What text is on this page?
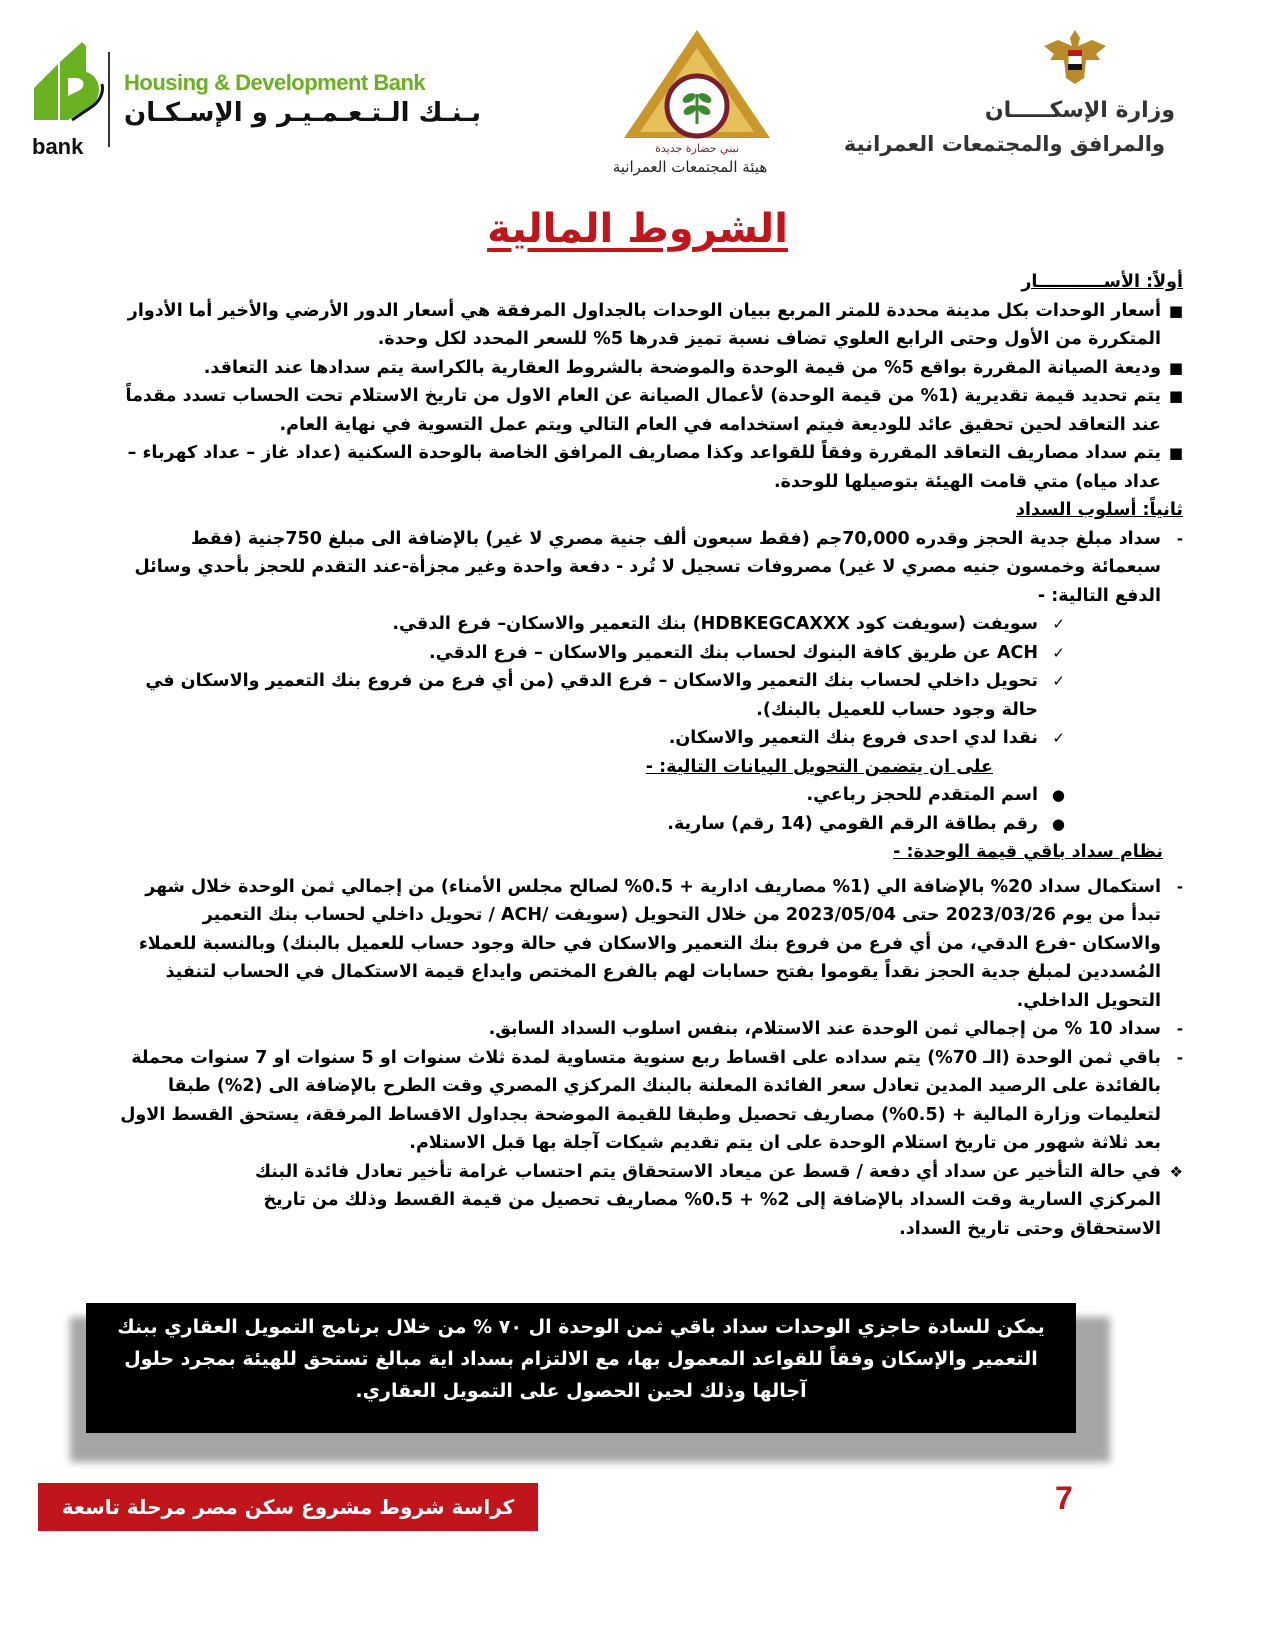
bank
Housing & Development Bank
بـنـك الـتـعـمـيـر و الإسـكـان
نبني حضارة جديدة
هيئة المجتمعات العمرانية
وزارة الإسكـــــان
والمرافق والمجتمعات العمرانية
الشروط المالية

أولاً: الأســـــــــــار

■
أسعار الوحدات بكل مدينة محددة للمتر المربع ببيان الوحدات بالجداول المرفقة هي أسعار الدور الأرضي والأخير أما الأدوار المتكررة من الأول وحتى الرابع العلوي تضاف نسبة تميز قدرها 5% للسعر المحدد لكل وحدة.

■
وديعة الصيانة المقررة بواقع 5% من قيمة الوحدة والموضحة بالشروط العقارية بالكراسة يتم سدادها عند التعاقد.

■
يتم تحديد قيمة تقديرية (1% من قيمة الوحدة) لأعمال الصيانة عن العام الاول من تاريخ الاستلام تحت الحساب تسدد مقدماً عند التعاقد لحين تحقيق عائد للوديعة فيتم استخدامه في العام التالي ويتم عمل التسوية في نهاية العام.

■
يتم سداد مصاريف التعاقد المقررة وفقاً للقواعد وكذا مصاريف المرافق الخاصة بالوحدة السكنية (عداد غاز – عداد كهرباء – عداد مياه) متي قامت الهيئة بتوصيلها للوحدة.

ثانياً: أسلوب السداد

-
سداد مبلغ جدية الحجز وقدره 70,000جم (فقط سبعون ألف جنية مصري لا غير) بالإضافة الى مبلغ 750جنية (فقط سبعمائة وخمسون جنيه مصري لا غير) مصروفات تسجيل لا تُرد - دفعة واحدة وغير مجزأة-عند التقدم للحجز بأحدي وسائل الدفع التالية: -

✓
سويفت (سويفت كود HDBKEGCAXXX) بنك التعمير والاسكان– فرع الدقي.

✓
ACH عن طريق كافة البنوك لحساب بنك التعمير والاسكان – فرع الدقي.

✓
تحويل داخلي لحساب بنك التعمير والاسكان – فرع الدقي (من أي فرع من فروع بنك التعمير والاسكان في حالة وجود حساب للعميل بالبنك).

✓
نقدا لدي احدى فروع بنك التعمير والاسكان.

على ان يتضمن التحويل البيانات التالية: -

●
اسم المتقدم للحجز رباعي.

●
رقم بطاقة الرقم القومي (14 رقم) سارية.

نظام سداد باقي قيمة الوحدة: -

-
استكمال سداد 20% بالإضافة الي (1% مصاريف ادارية + 0.5% لصالح مجلس الأمناء) من إجمالي ثمن الوحدة خلال شهر تبدأ من يوم 2023/03/26 حتى 2023/05/04 من خلال التحويل (سويفت /ACH / تحويل داخلي لحساب بنك التعمير والاسكان -فرع الدقي، من أي فرع من فروع بنك التعمير والاسكان في حالة وجود حساب للعميل بالبنك) وبالنسبة للعملاء المُسددين لمبلغ جدية الحجز نقداً يقوموا بفتح حسابات لهم بالفرع المختص وايداع قيمة الاستكمال في الحساب لتنفيذ التحويل الداخلي.

-
سداد 10 % من إجمالي ثمن الوحدة عند الاستلام، بنفس اسلوب السداد السابق.

-
باقي ثمن الوحدة (الـ 70%) يتم سداده على اقساط ربع سنوية متساوية لمدة ثلاث سنوات او 5 سنوات او 7 سنوات محملة بالفائدة على الرصيد المدين تعادل سعر الفائدة المعلنة بالبنك المركزي المصري وقت الطرح بالإضافة الى (2%) طبقا لتعليمات وزارة المالية + (0.5%) مصاريف تحصيل وطبقا للقيمة الموضحة بجداول الاقساط المرفقة، يستحق القسط الاول بعد ثلاثة شهور من تاريخ استلام الوحدة على ان يتم تقديم شيكات آجلة بها قبل الاستلام.

❖
في حالة التأخير عن سداد أي دفعة / قسط عن ميعاد الاستحقاق يتم احتساب غرامة تأخير تعادل فائدة البنك المركزي السارية وقت السداد بالإضافة إلى 2% + 0.5% مصاريف تحصيل من قيمة القسط وذلك من تاريخ الاستحقاق وحتى تاريخ السداد.

يمكن للسادة حاجزي الوحدات سداد باقي ثمن الوحدة ال ٧٠ % من خلال برنامج التمويل العقاري ببنك التعمير والإسكان وفقاً للقواعد المعمول بها، مع الالتزام بسداد اية مبالغ تستحق للهيئة بمجرد حلول آجالها وذلك لحين الحصول على التمويل العقاري.
كراسة شروط مشروع سكن مصر مرحلة تاسعة	7
